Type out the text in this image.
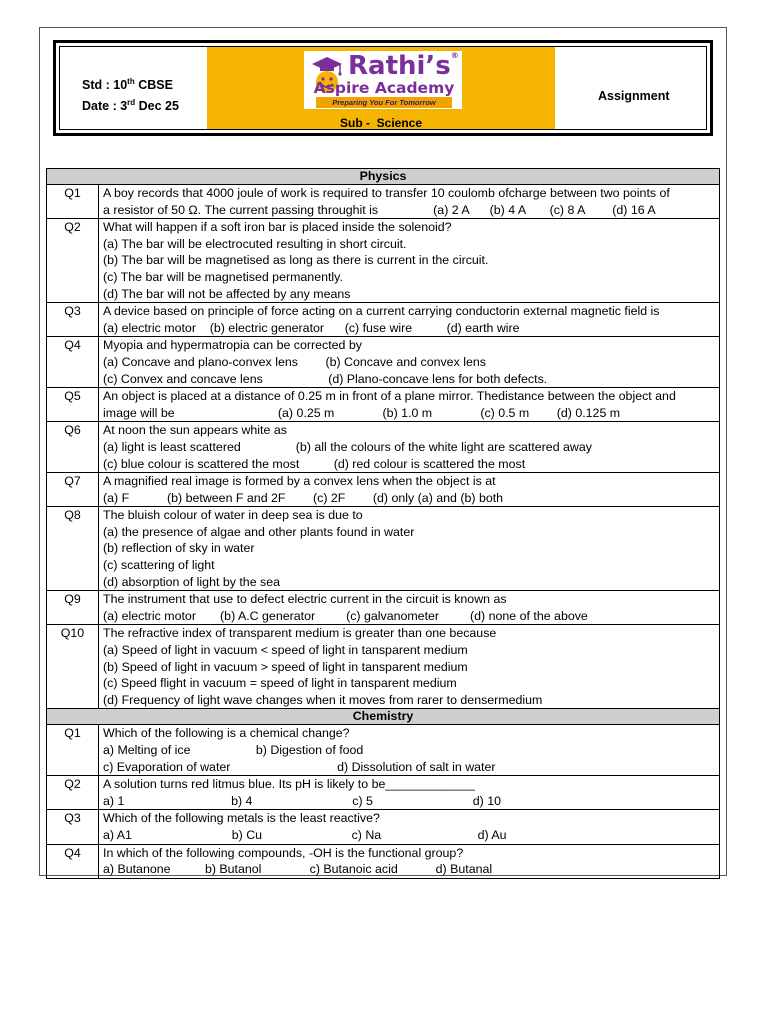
Std : 10th CBSE
Date : 3rd Dec 25
Rathi’s®
Aspire Academy
Preparing You For Tomorrow
Sub -  Science
Assignment
Physics	
Q1	A boy records that 4000 joule of work is required to transfer 10 coulomb ofcharge between two points of
a resistor of 50 Ω. The current passing throughit is                (a) 2 A      (b) 4 A       (c) 8 A        (d) 16 A

Q2	What will happen if a soft iron bar is placed inside the solenoid?
(a) The bar will be electrocuted resulting in short circuit.
(b) The bar will be magnetised as long as there is current in the circuit.
(c) The bar will be magnetised permanently.
(d) The bar will not be affected by any means

Q3	A device based on principle of force acting on a current carrying conductorin external magnetic field is
(a) electric motor    (b) electric generator      (c) fuse wire          (d) earth wire

Q4	Myopia and hypermatropia can be corrected by
(a) Concave and plano-convex lens        (b) Concave and convex lens
(c) Convex and concave lens                   (d) Plano-concave lens for both defects.

Q5	An object is placed at a distance of 0.25 m in front of a plane mirror. Thedistance between the object and
image will be                              (a) 0.25 m              (b) 1.0 m              (c) 0.5 m        (d) 0.125 m

Q6	At noon the sun appears white as
(a) light is least scattered                (b) all the colours of the white light are scattered away
(c) blue colour is scattered the most          (d) red colour is scattered the most

Q7	A magnified real image is formed by a convex lens when the object is at
(a) F           (b) between F and 2F        (c) 2F        (d) only (a) and (b) both

Q8	The bluish colour of water in deep sea is due to
(a) the presence of algae and other plants found in water
(b) reflection of sky in water
(c) scattering of light
(d) absorption of light by the sea

Q9	The instrument that use to defect electric current in the circuit is known as
(a) electric motor       (b) A.C generator         (c) galvanometer         (d) none of the above

Q10	The refractive index of transparent medium is greater than one because
(a) Speed of light in vacuum < speed of light in tansparent medium
(b) Speed of light in vacuum > speed of light in tansparent medium
(c) Speed flight in vacuum = speed of light in tansparent medium
(d) Frequency of light wave changes when it moves from rarer to densermedium

Chemistry	
Q1	Which of the following is a chemical change?
a) Melting of ice                   b) Digestion of food
c) Evaporation of water                               d) Dissolution of salt in water

Q2	A solution turns red litmus blue. Its pH is likely to be_____________
a) 1                               b) 4                             c) 5                             d) 10

Q3	Which of the following metals is the least reactive?
a) A1                             b) Cu                          c) Na                            d) Au

Q4	In which of the following compounds, -OH is the functional group?
a) Butanone          b) Butanol              c) Butanoic acid           d) Butanal
